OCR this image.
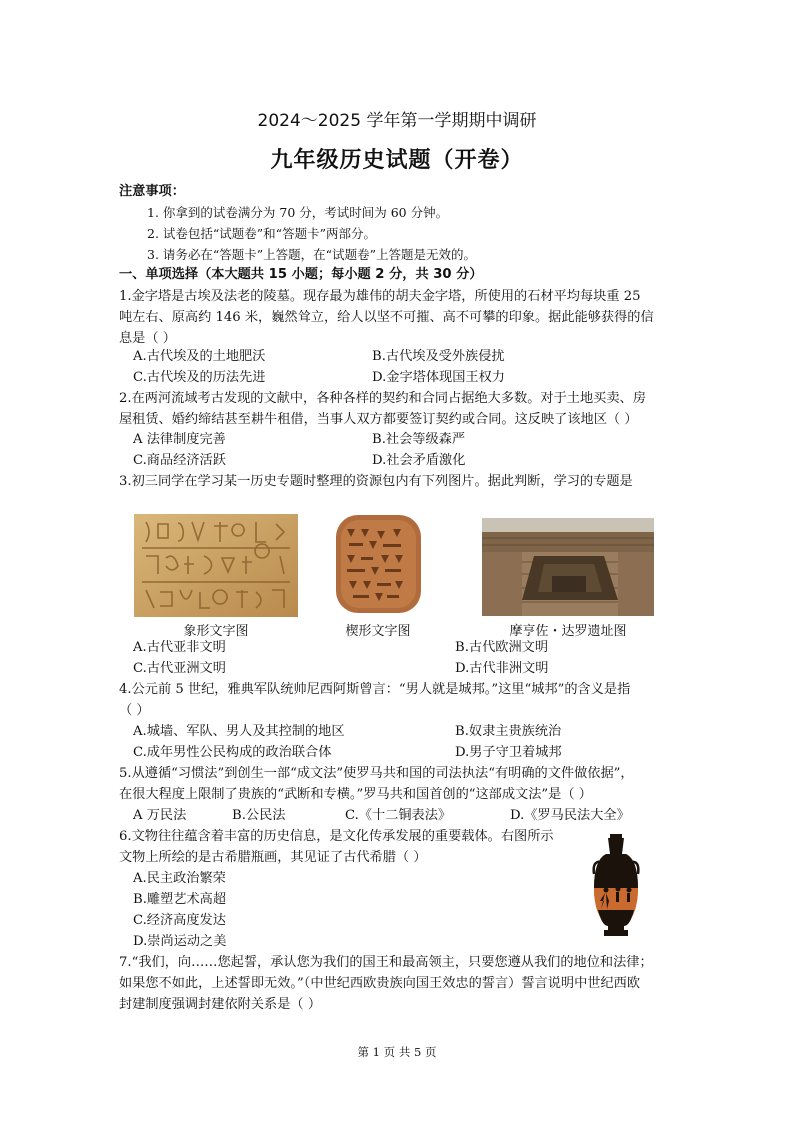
2024～2025 学年第一学期期中调研
九年级历史试题（开卷）
注意事项：
1. 你拿到的试卷满分为 70 分，考试时间为 60 分钟。
2. 试卷包括“试题卷”和“答题卡”两部分。
3. 请务必在“答题卡”上答题，在“试题卷”上答题是无效的。
一、单项选择（本大题共 15 小题；每小题 2 分，共 30 分）
1.金字塔是古埃及法老的陵墓。现存最为雄伟的胡夫金字塔，所使用的石材平均每块重 25
吨左右、原高约 146 米，巍然耸立，给人以坚不可摧、高不可攀的印象。据此能够获得的信
息是（ ）
A.古代埃及的土地肥沃	B.古代埃及受外族侵扰
C.古代埃及的历法先进	D.金字塔体现国王权力
2.在两河流域考古发现的文献中，各种各样的契约和合同占据绝大多数。对于土地买卖、房
屋租赁、婚约缔结甚至耕牛租借，当事人双方都要签订契约或合同。这反映了该地区（ ）
A 法律制度完善	B.社会等级森严
C.商品经济活跃	D.社会矛盾激化
3.初三同学在学习某一历史专题时整理的资源包内有下列图片。据此判断，学习的专题是
象形文字图	楔形文字图	摩亨佐・达罗遗址图
A.古代亚非文明	B.古代欧洲文明
C.古代亚洲文明	D.古代非洲文明
4.公元前 5 世纪，雅典军队统帅尼西阿斯曾言：“男人就是城邦。”这里“城邦”的含义是指
（ ）
A.城墙、军队、男人及其控制的地区	B.奴隶主贵族统治
C.成年男性公民构成的政治联合体	D.男子守卫着城邦
5.从遵循“习惯法”到创生一部“成文法”使罗马共和国的司法执法“有明确的文件做依据”，
在很大程度上限制了贵族的“武断和专横。”罗马共和国首创的“这部成文法”是（ ）
A 万民法	B.公民法	C.《十二铜表法》	D.《罗马民法大全》
6.文物往往蕴含着丰富的历史信息，是文化传承发展的重要载体。右图所示
文物上所绘的是古希腊瓶画，其见证了古代希腊（ ）
A.民主政治繁荣
B.雕塑艺术高超
C.经济高度发达
D.崇尚运动之美
7.“我们，向……您起誓，承认您为我们的国王和最高领主，只要您遵从我们的地位和法律；
如果您不如此，上述誓即无效。”（中世纪西欧贵族向国王效忠的誓言）誓言说明中世纪西欧
封建制度强调封建依附关系是（ ）
第 1 页 共 5 页
